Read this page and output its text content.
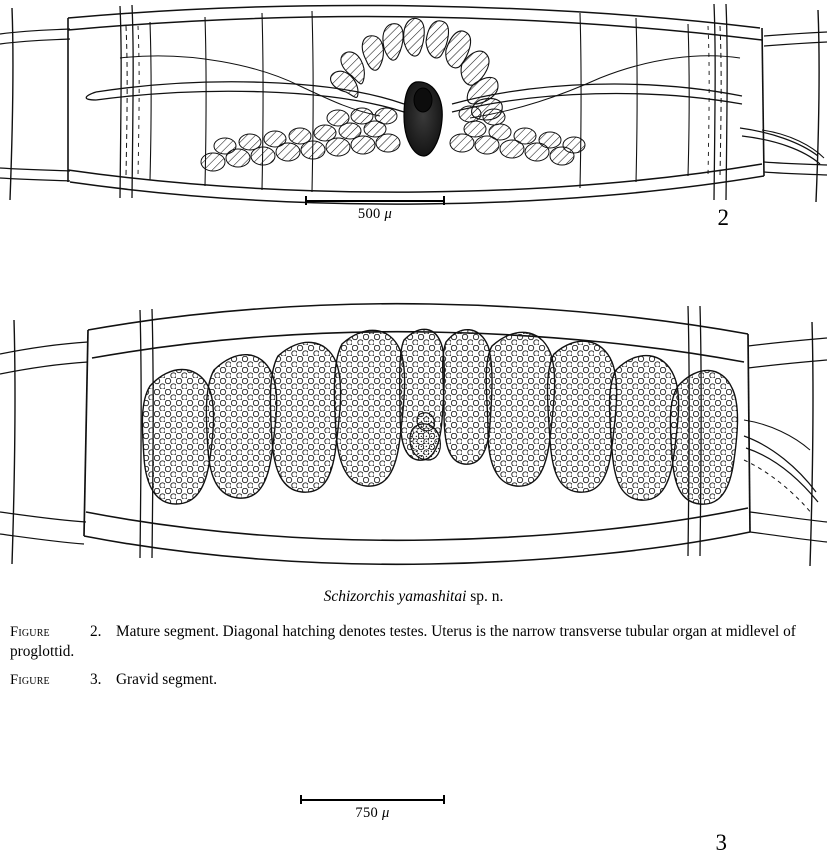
2
500 μ
3
750 μ
Schizorchis yamashitai sp. n.
Figure	2. Mature segment. Diagonal hatching denotes testes. Uterus is the narrow transverse tubular organ at midlevel of proglottid.
Figure	3. Gravid segment.
